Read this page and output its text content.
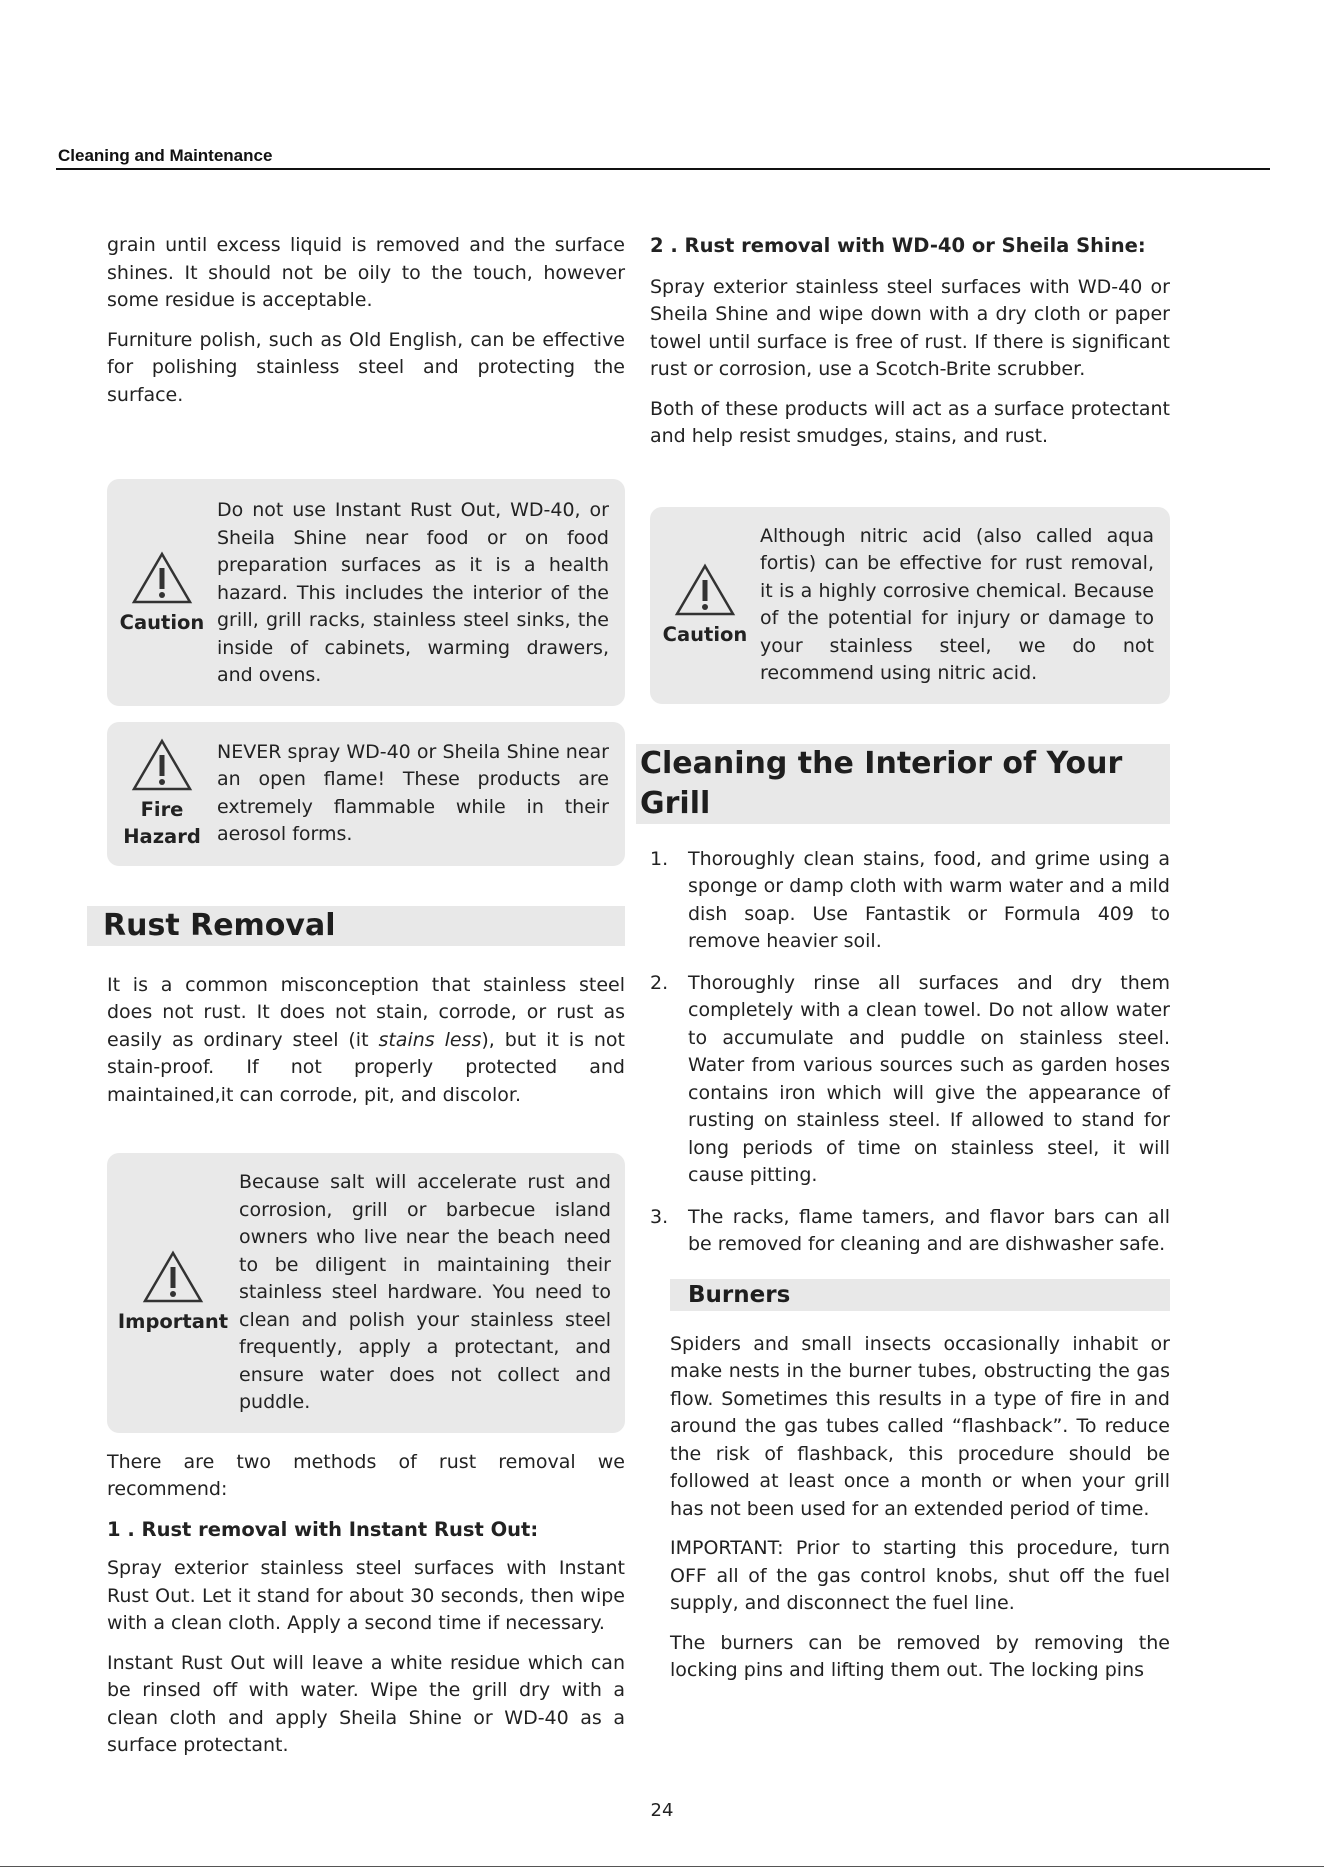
Cleaning and Maintenance

grain until excess liquid is removed and the surface shines. It should not be oily to the touch, however some residue is acceptable.

Furniture polish, such as Old English, can be effective for polishing stainless steel and protecting the surface.

Caution
Do not use Instant Rust Out, WD-40, or Sheila Shine near food or on food preparation surfaces as it is a health hazard. This includes the interior of the grill, grill racks, stainless steel sinks, the inside of cabinets, warming drawers, and ovens.
Fire
Hazard
NEVER spray WD-40 or Sheila Shine near an open flame! These products are extremely flammable while in their aerosol forms.
Rust Removal

It is a common misconception that stainless steel does not rust. It does not stain, corrode, or rust as easily as ordinary steel (it stains less), but it is not stain-proof. If not properly protected and maintained,it can corrode, pit, and discolor.

Important
Because salt will accelerate rust and corrosion, grill or barbecue island owners who live near the beach need to be diligent in maintaining their stainless steel hardware. You need to clean and polish your stainless steel frequently, apply a protectant, and ensure water does not collect and puddle.

There are two methods of rust removal we recommend:

1 . Rust removal with Instant Rust Out:

Spray exterior stainless steel surfaces with Instant Rust Out. Let it stand for about 30 seconds, then wipe with a clean cloth. Apply a second time if necessary.

Instant Rust Out will leave a white residue which can be rinsed off with water. Wipe the grill dry with a clean cloth and apply Sheila Shine or WD-40 as a surface protectant.

2 . Rust removal with WD-40 or Sheila Shine:

Spray exterior stainless steel surfaces with WD-40 or Sheila Shine and wipe down with a dry cloth or paper towel until surface is free of rust. If there is significant rust or corrosion, use a Scotch-Brite scrubber.

Both of these products will act as a surface protectant and help resist smudges, stains, and rust.

Caution
Although nitric acid (also called aqua fortis) can be effective for rust removal, it is a highly corrosive chemical. Because of the potential for injury or damage to your stainless steel, we do not recommend using nitric acid.
Cleaning the Interior of Your Grill
1.	Thoroughly clean stains, food, and grime using a sponge or damp cloth with warm water and a mild dish soap. Use Fantastik or Formula 409 to remove heavier soil.
2.	Thoroughly rinse all surfaces and dry them completely with a clean towel. Do not allow water to accumulate and puddle on stainless steel. Water from various sources such as garden hoses contains iron which will give the appearance of rusting on stainless steel. If allowed to stand for long periods of time on stainless steel, it will cause pitting.
3.	The racks, flame tamers, and flavor bars can all be removed for cleaning and are dishwasher safe.
Burners

Spiders and small insects occasionally inhabit or make nests in the burner tubes, obstructing the gas flow. Sometimes this results in a type of fire in and around the gas tubes called “flashback”. To reduce the risk of flashback, this procedure should be followed at least once a month or when your grill has not been used for an extended period of time.

IMPORTANT: Prior to starting this procedure, turn OFF all of the gas control knobs, shut off the fuel supply, and disconnect the fuel line.

The burners can be removed by removing the locking pins and lifting them out. The locking pins

24
